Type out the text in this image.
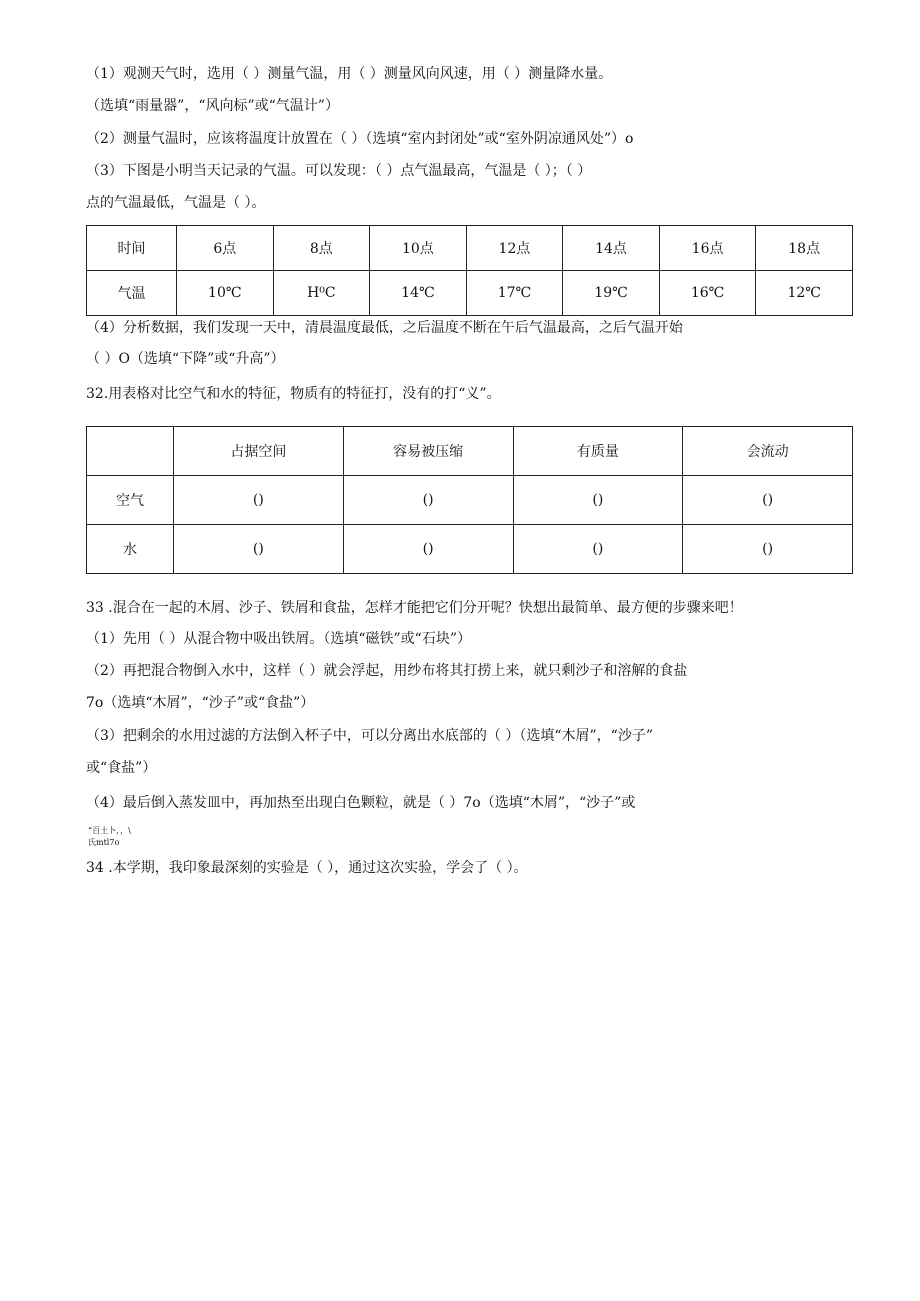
（1）观测天气时，选用（ ）测量气温，用（ ）测量风向风速，用（ ）测量降水量。
（选填“雨量器”，“风向标”或“气温计”）
（2）测量气温时，应该将温度计放置在（ ）（选填“室内封闭处”或“室外阴凉通风处”）o
（3）下图是小明当天记录的气温。可以发现：（ ）点气温最高，气温是（ ）；（ ）
点的气温最低，气温是（ ）。
时间	6点	8点	10点	12点	14点	16点	18点
气温	10℃	H⁰C	14℃	17℃	19℃	16℃	12℃
（4）分析数据，我们发现一天中，清晨温度最低，之后温度不断在午后气温最高，之后气温开始
（ ）O（选填“下降”或“升高”）
32.用表格对比空气和水的特征，物质有的特征打，没有的打“义”。
	占据空间	容易被压缩	有质量	会流动
空气	()	()	()	()
水	()	()	()	()
33 .混合在一起的木屑、沙子、铁屑和食盐，怎样才能把它们分开呢？快想出最简单、最方便的步骤来吧！
（1）先用（ ）从混合物中吸出铁屑。（选填“磁铁”或“石块”）
（2）再把混合物倒入水中，这样（ ）就会浮起，用纱布将其打捞上来，就只剩沙子和溶解的食盐
7o（选填“木屑”，“沙子”或“食盐”）
（3）把剩余的水用过滤的方法倒入杯子中，可以分离出水底部的（ ）（选填“木屑”，“沙子”
或“食盐”）
（4）最后倒入蒸发皿中，再加热至出现白色颗粒，就是（ ）7o（选填“木屑”，“沙子”或
“百土卜，，\
氏mtl7o
34 .本学期，我印象最深刻的实验是（ ），通过这次实验，学会了（ ）。
